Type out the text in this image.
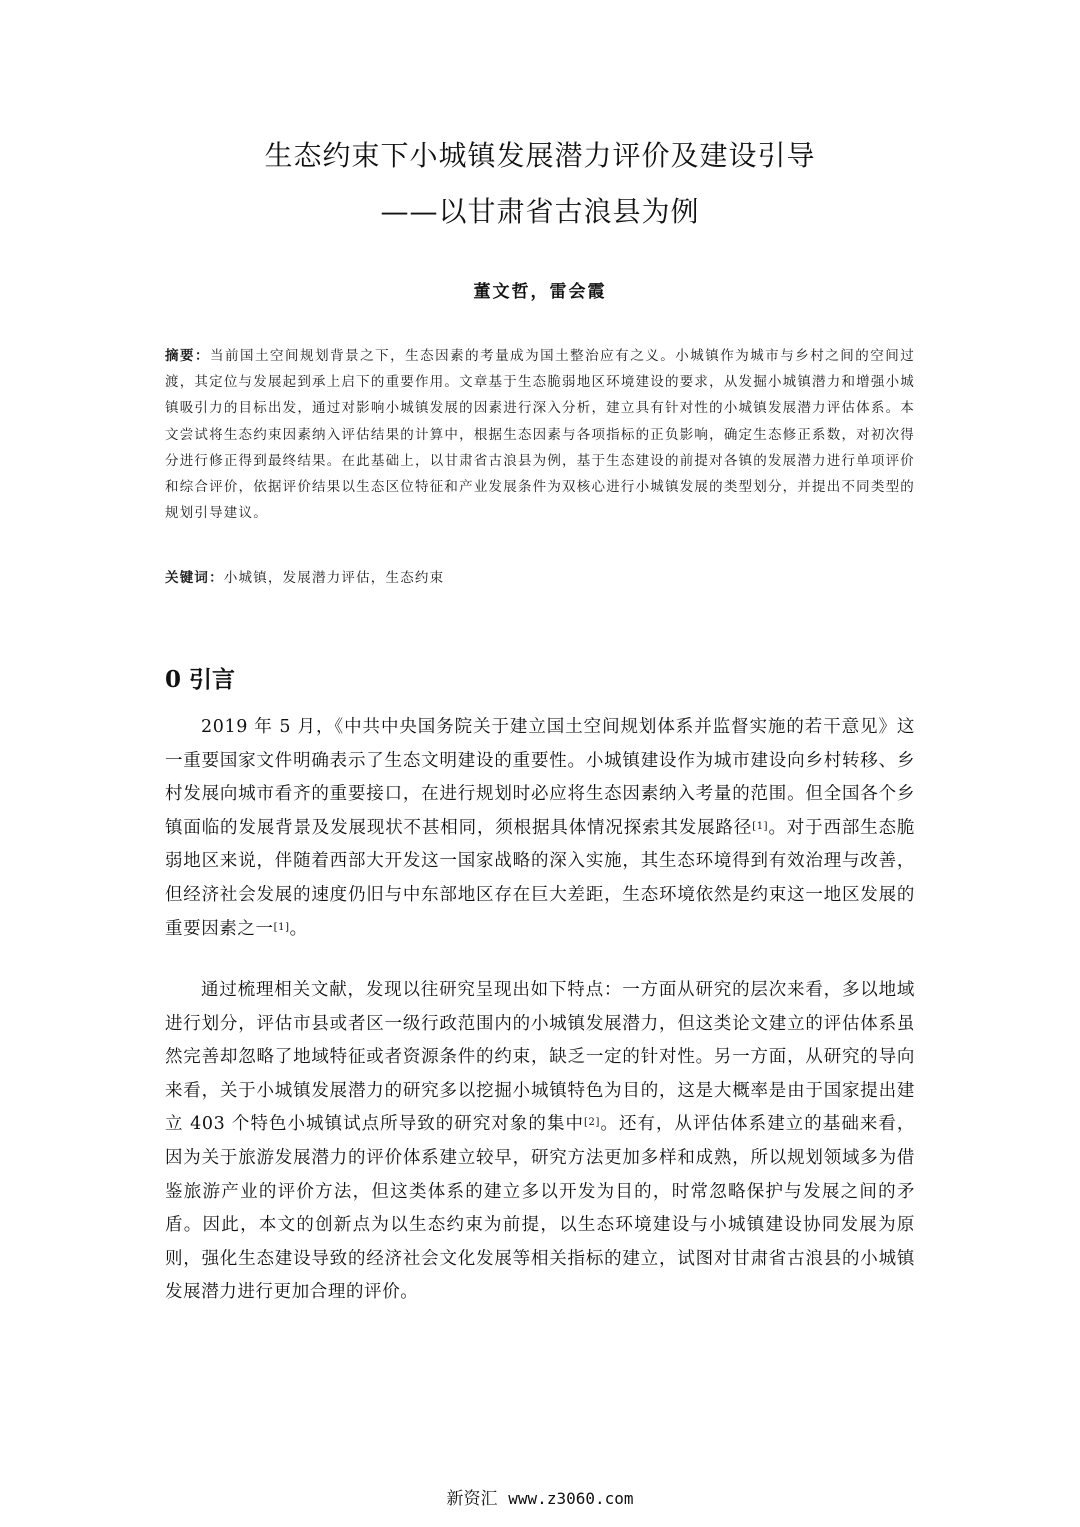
生态约束下小城镇发展潜力评价及建设引导
——以甘肃省古浪县为例
董文哲，雷会霞
摘要：当前国土空间规划背景之下，生态因素的考量成为国土整治应有之义。小城镇作为城市与乡村之间的空间过渡，其定位与发展起到承上启下的重要作用。文章基于生态脆弱地区环境建设的要求，从发掘小城镇潜力和增强小城镇吸引力的目标出发，通过对影响小城镇发展的因素进行深入分析，建立具有针对性的小城镇发展潜力评估体系。本文尝试将生态约束因素纳入评估结果的计算中，根据生态因素与各项指标的正负影响，确定生态修正系数，对初次得分进行修正得到最终结果。在此基础上，以甘肃省古浪县为例，基于生态建设的前提对各镇的发展潜力进行单项评价和综合评价，依据评价结果以生态区位特征和产业发展条件为双核心进行小城镇发展的类型划分，并提出不同类型的规划引导建议。
关键词：小城镇，发展潜力评估，生态约束
0 引言
2019 年 5 月，《中共中央国务院关于建立国土空间规划体系并监督实施的若干意见》这一重要国家文件明确表示了生态文明建设的重要性。小城镇建设作为城市建设向乡村转移、乡村发展向城市看齐的重要接口，在进行规划时必应将生态因素纳入考量的范围。但全国各个乡镇面临的发展背景及发展现状不甚相同，须根据具体情况探索其发展路径[1]。对于西部生态脆弱地区来说，伴随着西部大开发这一国家战略的深入实施，其生态环境得到有效治理与改善，但经济社会发展的速度仍旧与中东部地区存在巨大差距，生态环境依然是约束这一地区发展的重要因素之一[1]。
通过梳理相关文献，发现以往研究呈现出如下特点：一方面从研究的层次来看，多以地域进行划分，评估市县或者区一级行政范围内的小城镇发展潜力，但这类论文建立的评估体系虽然完善却忽略了地域特征或者资源条件的约束，缺乏一定的针对性。另一方面，从研究的导向来看，关于小城镇发展潜力的研究多以挖掘小城镇特色为目的，这是大概率是由于国家提出建立 403 个特色小城镇试点所导致的研究对象的集中[2]。还有，从评估体系建立的基础来看，因为关于旅游发展潜力的评价体系建立较早，研究方法更加多样和成熟，所以规划领域多为借鉴旅游产业的评价方法，但这类体系的建立多以开发为目的，时常忽略保护与发展之间的矛盾。因此，本文的创新点为以生态约束为前提，以生态环境建设与小城镇建设协同发展为原则，强化生态建设导致的经济社会文化发展等相关指标的建立，试图对甘肃省古浪县的小城镇发展潜力进行更加合理的评价。
新资汇 www.z3060.com
